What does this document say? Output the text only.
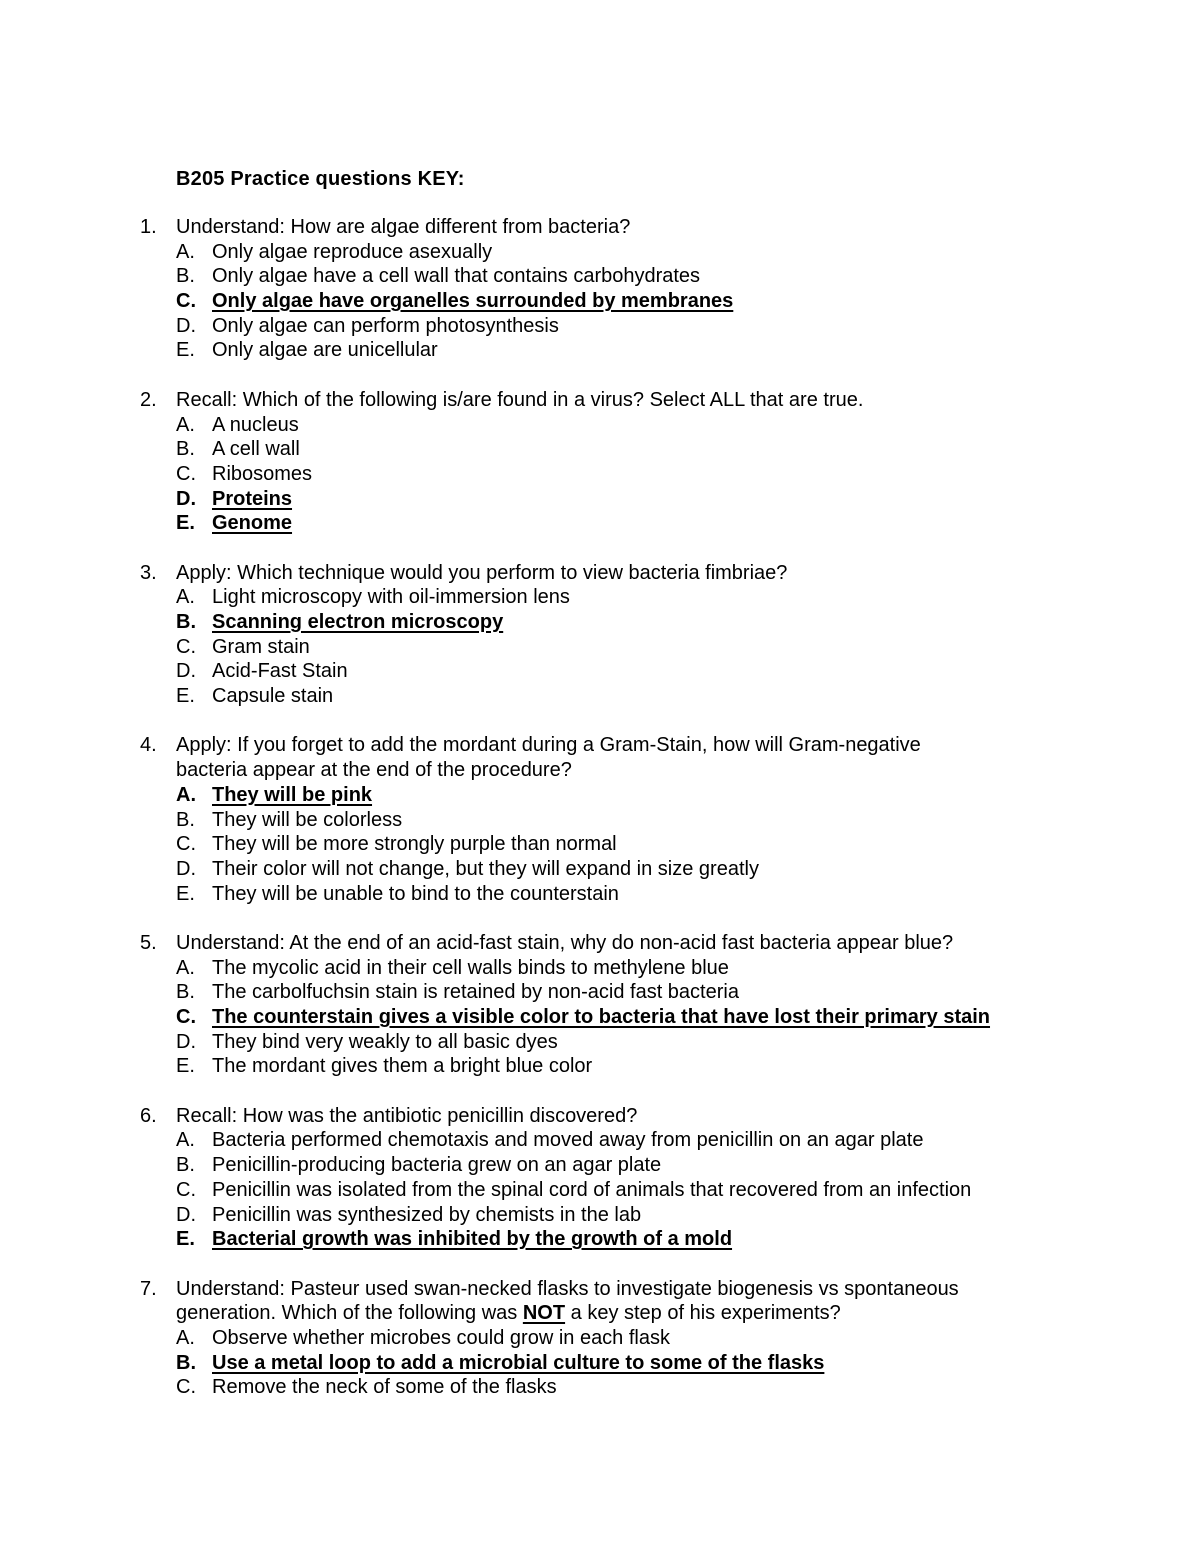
B205 Practice questions KEY:
1. Understand: How are algae different from bacteria?
A. Only algae reproduce asexually
B. Only algae have a cell wall that contains carbohydrates
C. Only algae have organelles surrounded by membranes
D. Only algae can perform photosynthesis
E. Only algae are unicellular
2. Recall: Which of the following is/are found in a virus? Select ALL that are true.
A. A nucleus
B. A cell wall
C. Ribosomes
D. Proteins
E. Genome
3. Apply: Which technique would you perform to view bacteria fimbriae?
A. Light microscopy with oil-immersion lens
B. Scanning electron microscopy
C. Gram stain
D. Acid-Fast Stain
E. Capsule stain
4. Apply: If you forget to add the mordant during a Gram-Stain, how will Gram-negative
bacteria appear at the end of the procedure?
A. They will be pink
B. They will be colorless
C. They will be more strongly purple than normal
D. Their color will not change, but they will expand in size greatly
E. They will be unable to bind to the counterstain
5. Understand: At the end of an acid-fast stain, why do non-acid fast bacteria appear blue?
A. The mycolic acid in their cell walls binds to methylene blue
B. The carbolfuchsin stain is retained by non-acid fast bacteria
C. The counterstain gives a visible color to bacteria that have lost their primary stain
D. They bind very weakly to all basic dyes
E. The mordant gives them a bright blue color
6. Recall: How was the antibiotic penicillin discovered?
A. Bacteria performed chemotaxis and moved away from penicillin on an agar plate
B. Penicillin-producing bacteria grew on an agar plate
C. Penicillin was isolated from the spinal cord of animals that recovered from an infection
D. Penicillin was synthesized by chemists in the lab
E. Bacterial growth was inhibited by the growth of a mold
7. Understand: Pasteur used swan-necked flasks to investigate biogenesis vs spontaneous
generation. Which of the following was NOT a key step of his experiments?
A. Observe whether microbes could grow in each flask
B. Use a metal loop to add a microbial culture to some of the flasks
C. Remove the neck of some of the flasks
